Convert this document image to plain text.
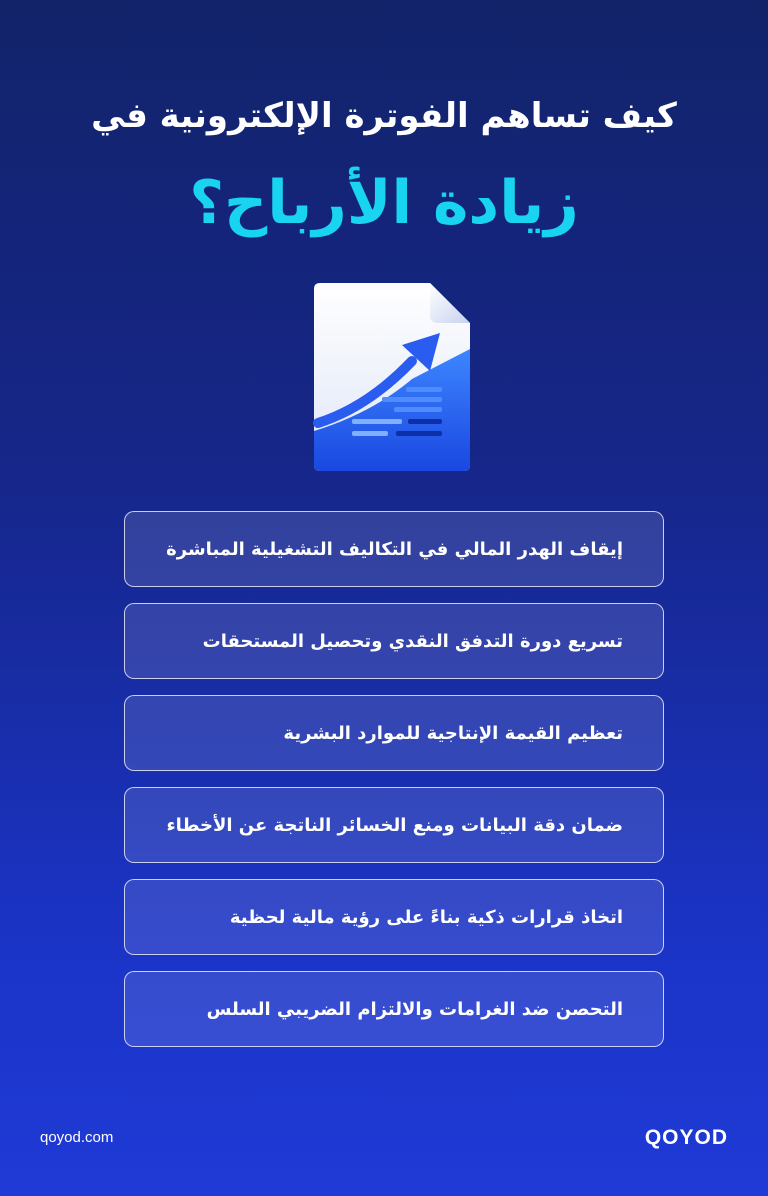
كيف تساهم الفوترة الإلكترونية في
زيادة الأرباح؟
إيقاف الهدر المالي في التكاليف التشغيلية المباشرة
تسريع دورة التدفق النقدي وتحصيل المستحقات
تعظيم القيمة الإنتاجية للموارد البشرية
ضمان دقة البيانات ومنع الخسائر الناتجة عن الأخطاء
اتخاذ قرارات ذكية بناءً على رؤية مالية لحظية
التحصن ضد الغرامات والالتزام الضريبي السلس
qoyod.com	QOYOD
